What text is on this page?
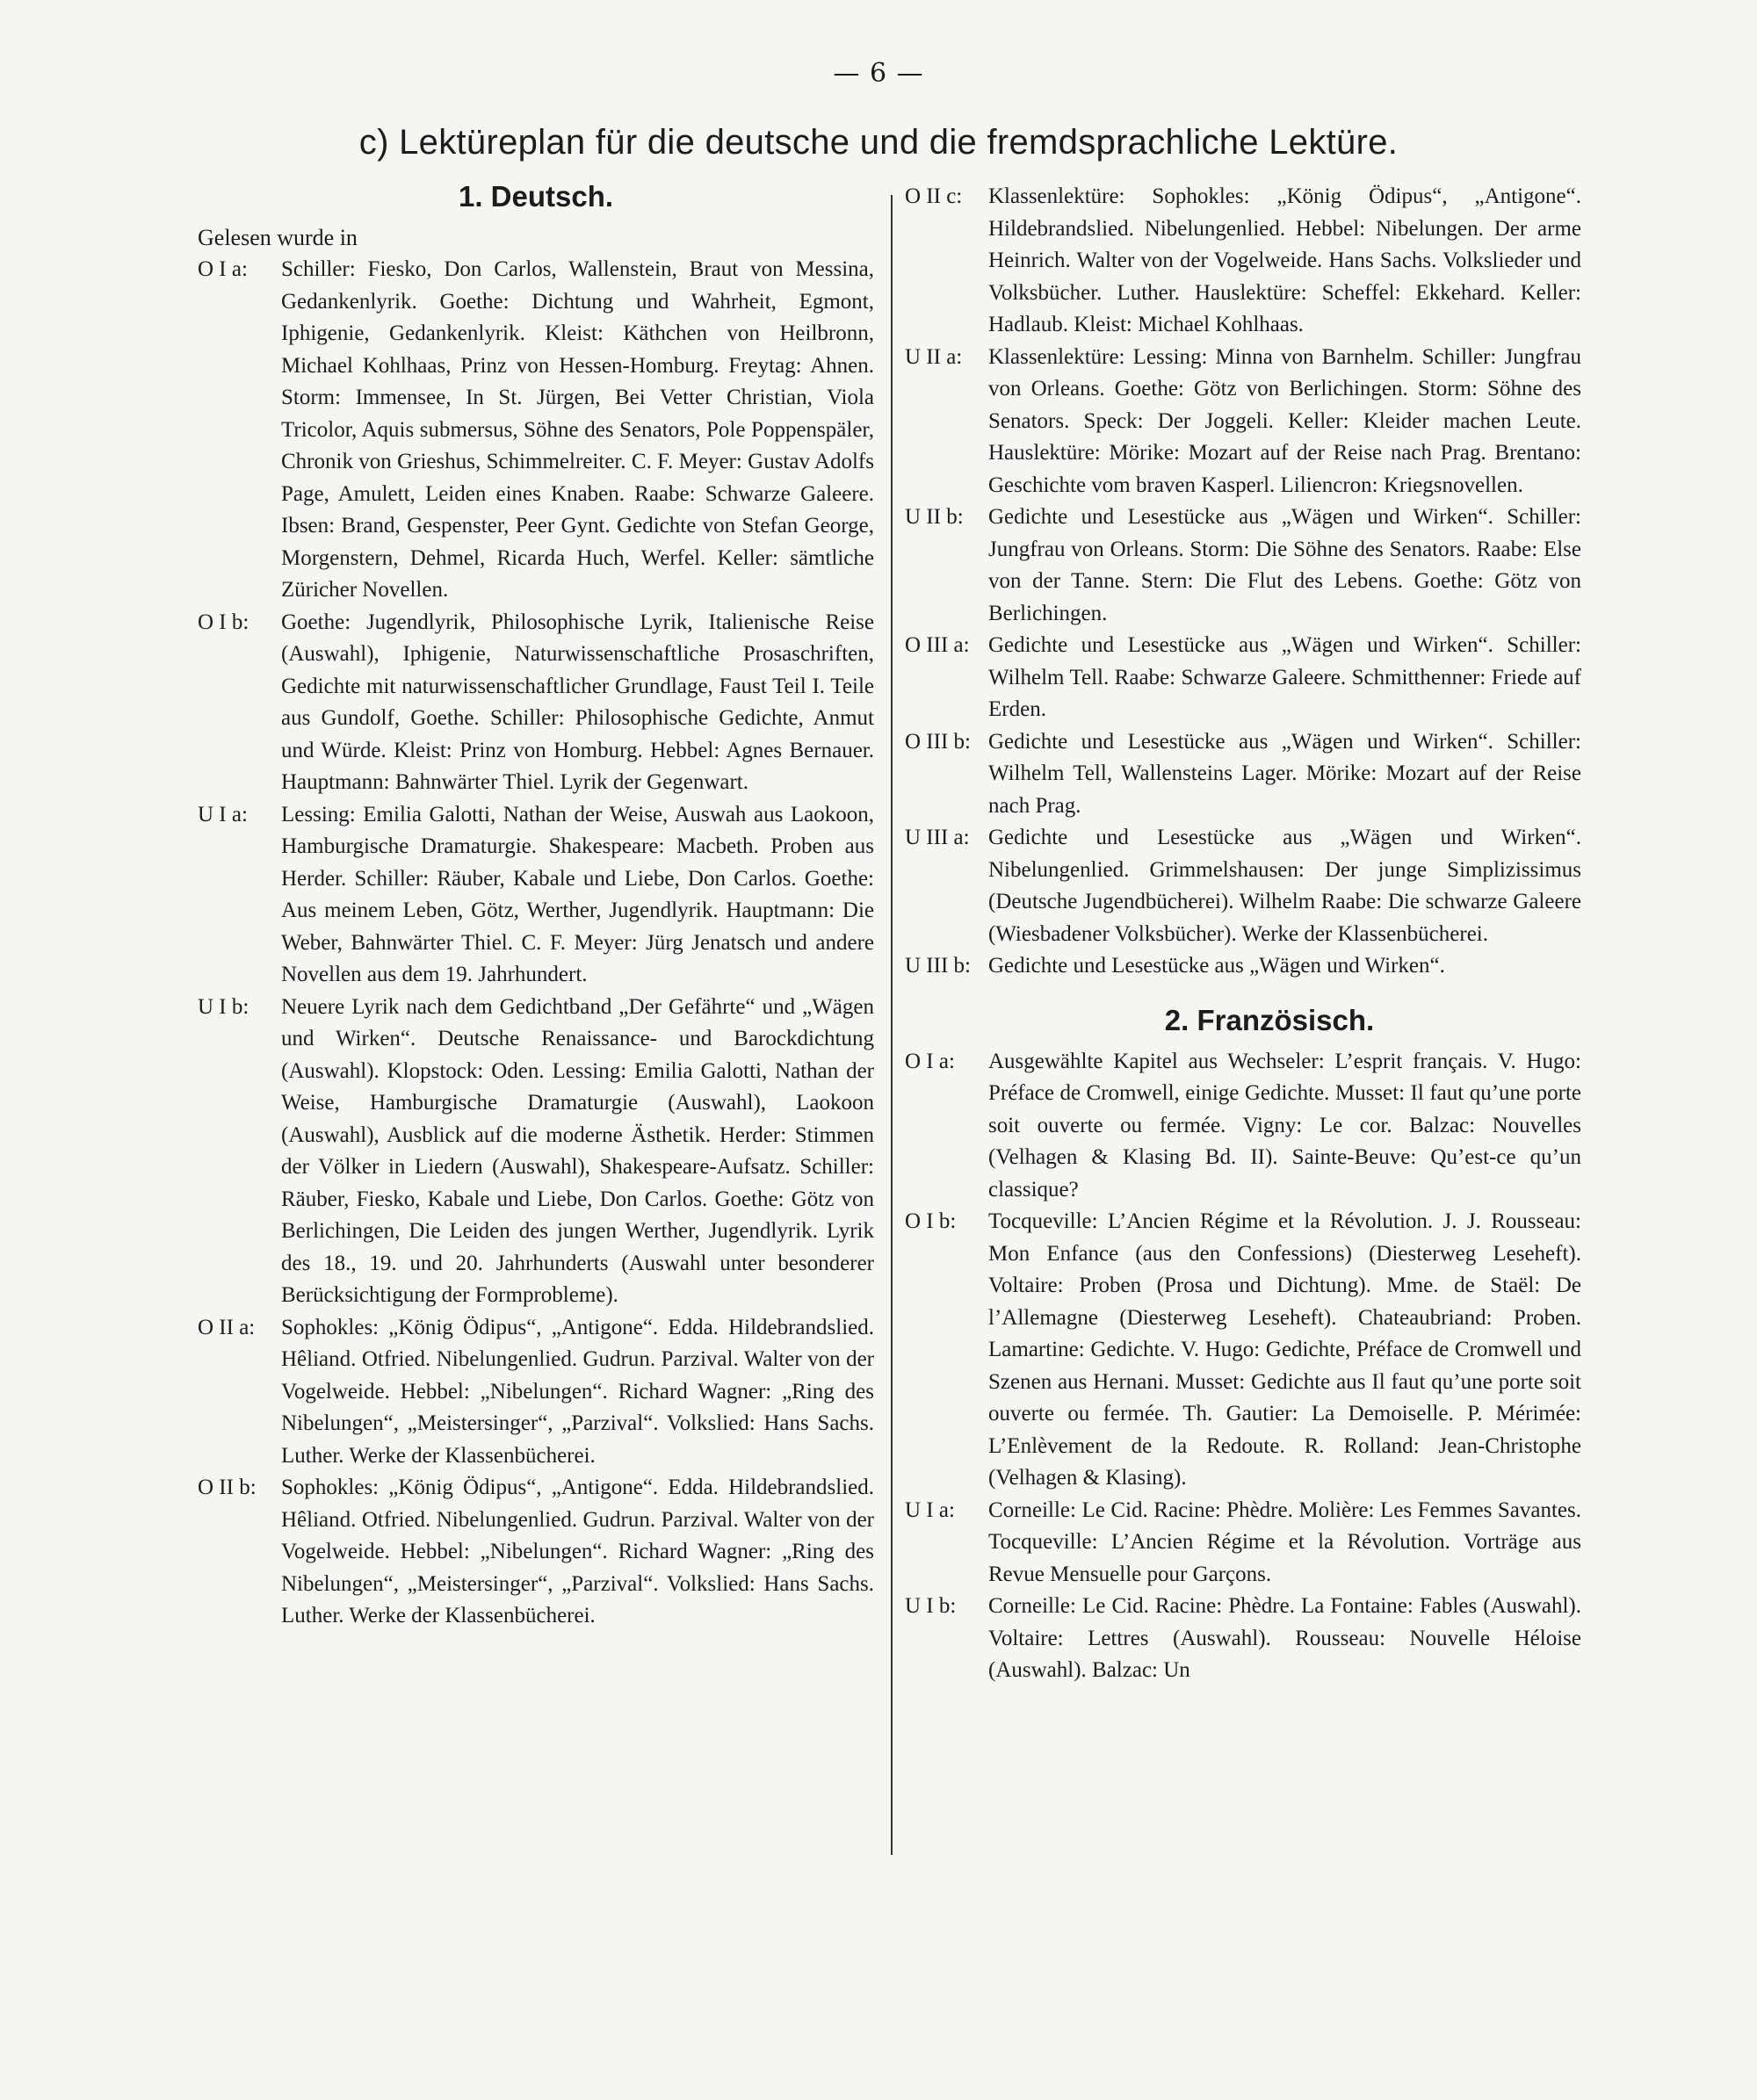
— 6 —
c) Lektüreplan für die deutsche und die fremdsprachliche Lektüre.
1. Deutsch.

Gelesen wurde in

O I a:	Schiller: Fiesko, Don Carlos, Wallenstein, Braut von Messina, Gedankenlyrik. Goethe: Dichtung und Wahrheit, Egmont, Iphigenie, Gedankenlyrik. Kleist: Käthchen von Heilbronn, Michael Kohlhaas, Prinz von Hessen-Homburg. Freytag: Ahnen. Storm: Immensee, In St. Jürgen, Bei Vetter Christian, Viola Tricolor, Aquis submersus, Söhne des Senators, Pole Poppenspäler, Chronik von Grieshus, Schimmelreiter. C. F. Meyer: Gustav Adolfs Page, Amulett, Leiden eines Knaben. Raabe: Schwarze Galeere. Ibsen: Brand, Gespenster, Peer Gynt. Gedichte von Stefan George, Morgenstern, Dehmel, Ricarda Huch, Werfel. Keller: sämtliche Züricher Novellen.
O I b:	Goethe: Jugendlyrik, Philosophische Lyrik, Italienische Reise (Auswahl), Iphigenie, Naturwissenschaftliche Prosaschriften, Gedichte mit naturwissenschaftlicher Grundlage, Faust Teil I. Teile aus Gundolf, Goethe. Schiller: Philosophische Gedichte, Anmut und Würde. Kleist: Prinz von Homburg. Hebbel: Agnes Bernauer. Hauptmann: Bahnwärter Thiel. Lyrik der Gegenwart.
U I a:	Lessing: Emilia Galotti, Nathan der Weise, Auswah aus Laokoon, Hamburgische Dramaturgie. Shakespeare: Macbeth. Proben aus Herder. Schiller: Räuber, Kabale und Liebe, Don Carlos. Goethe: Aus meinem Leben, Götz, Werther, Jugendlyrik. Hauptmann: Die Weber, Bahnwärter Thiel. C. F. Meyer: Jürg Jenatsch und andere Novellen aus dem 19. Jahrhundert.
U I b:	Neuere Lyrik nach dem Gedichtband „Der Gefährte“ und „Wägen und Wirken“. Deutsche Renaissance- und Barockdichtung (Auswahl). Klopstock: Oden. Lessing: Emilia Galotti, Nathan der Weise, Hamburgische Dramaturgie (Auswahl), Laokoon (Auswahl), Ausblick auf die moderne Ästhetik. Herder: Stimmen der Völker in Liedern (Auswahl), Shakespeare-Aufsatz. Schiller: Räuber, Fiesko, Kabale und Liebe, Don Carlos. Goethe: Götz von Berlichingen, Die Leiden des jungen Werther, Jugendlyrik. Lyrik des 18., 19. und 20. Jahrhunderts (Auswahl unter besonderer Berücksichtigung der Formprobleme).
O II a:	Sophokles: „König Ödipus“, „Antigone“. Edda. Hildebrandslied. Hêliand. Otfried. Nibelungenlied. Gudrun. Parzival. Walter von der Vogelweide. Hebbel: „Nibelungen“. Richard Wagner: „Ring des Nibelungen“, „Meistersinger“, „Parzival“. Volkslied: Hans Sachs. Luther. Werke der Klassenbücherei.
O II b:	Sophokles: „König Ödipus“, „Antigone“. Edda. Hildebrandslied. Hêliand. Otfried. Nibelungenlied. Gudrun. Parzival. Walter von der Vogelweide. Hebbel: „Nibelungen“. Richard Wagner: „Ring des Nibelungen“, „Meistersinger“, „Parzival“. Volkslied: Hans Sachs. Luther. Werke der Klassenbücherei.
O II c:	Klassenlektüre: Sophokles: „König Ödipus“, „Antigone“. Hildebrandslied. Nibelungenlied. Hebbel: Nibelungen. Der arme Heinrich. Walter von der Vogelweide. Hans Sachs. Volkslieder und Volksbücher. Luther. Hauslektüre: Scheffel: Ekkehard. Keller: Hadlaub. Kleist: Michael Kohlhaas.
U II a:	Klassenlektüre: Lessing: Minna von Barnhelm. Schiller: Jungfrau von Orleans. Goethe: Götz von Berlichingen. Storm: Söhne des Senators. Speck: Der Joggeli. Keller: Kleider machen Leute. Hauslektüre: Mörike: Mozart auf der Reise nach Prag. Brentano: Geschichte vom braven Kasperl. Liliencron: Kriegsnovellen.
U II b:	Gedichte und Lesestücke aus „Wägen und Wirken“. Schiller: Jungfrau von Orleans. Storm: Die Söhne des Senators. Raabe: Else von der Tanne. Stern: Die Flut des Lebens. Goethe: Götz von Berlichingen.
O III a: Gedichte und Lesestücke aus „Wägen und Wirken“. Schiller: Wilhelm Tell. Raabe: Schwarze Galeere. Schmitthenner: Friede auf Erden.
O III b: Gedichte und Lesestücke aus „Wägen und Wirken“. Schiller: Wilhelm Tell, Wallensteins Lager. Mörike: Mozart auf der Reise nach Prag.
U III a: Gedichte und Lesestücke aus „Wägen und Wirken“. Nibelungenlied. Grimmelshausen: Der junge Simplizissimus (Deutsche Jugendbücherei). Wilhelm Raabe: Die schwarze Galeere (Wiesbadener Volksbücher). Werke der Klassenbücherei.
U III b: Gedichte und Lesestücke aus „Wägen und Wirken“.
2. Französisch.
O I a:	Ausgewählte Kapitel aus Wechseler: L’esprit français. V. Hugo: Préface de Cromwell, einige Gedichte. Musset: Il faut qu’une porte soit ouverte ou fermée. Vigny: Le cor. Balzac: Nouvelles (Velhagen & Klasing Bd. II). Sainte-Beuve: Qu’est-ce qu’un classique?
O I b:	Tocqueville: L’Ancien Régime et la Révolution. J. J. Rousseau: Mon Enfance (aus den Confessions) (Diesterweg Leseheft). Voltaire: Proben (Prosa und Dichtung). Mme. de Staël: De l’Allemagne (Diesterweg Leseheft). Chateaubriand: Proben. Lamartine: Gedichte. V. Hugo: Gedichte, Préface de Cromwell und Szenen aus Hernani. Musset: Gedichte aus Il faut qu’une porte soit ouverte ou fermée. Th. Gautier: La Demoiselle. P. Mérimée: L’Enlèvement de la Redoute. R. Rolland: Jean-Christophe (Velhagen & Klasing).
U I a:	Corneille: Le Cid. Racine: Phèdre. Molière: Les Femmes Savantes. Tocqueville: L’Ancien Régime et la Révolution. Vorträge aus Revue Mensuelle pour Garçons.
U I b:	Corneille: Le Cid. Racine: Phèdre. La Fontaine: Fables (Auswahl). Voltaire: Lettres (Auswahl). Rousseau: Nouvelle Héloise (Auswahl). Balzac: Un
